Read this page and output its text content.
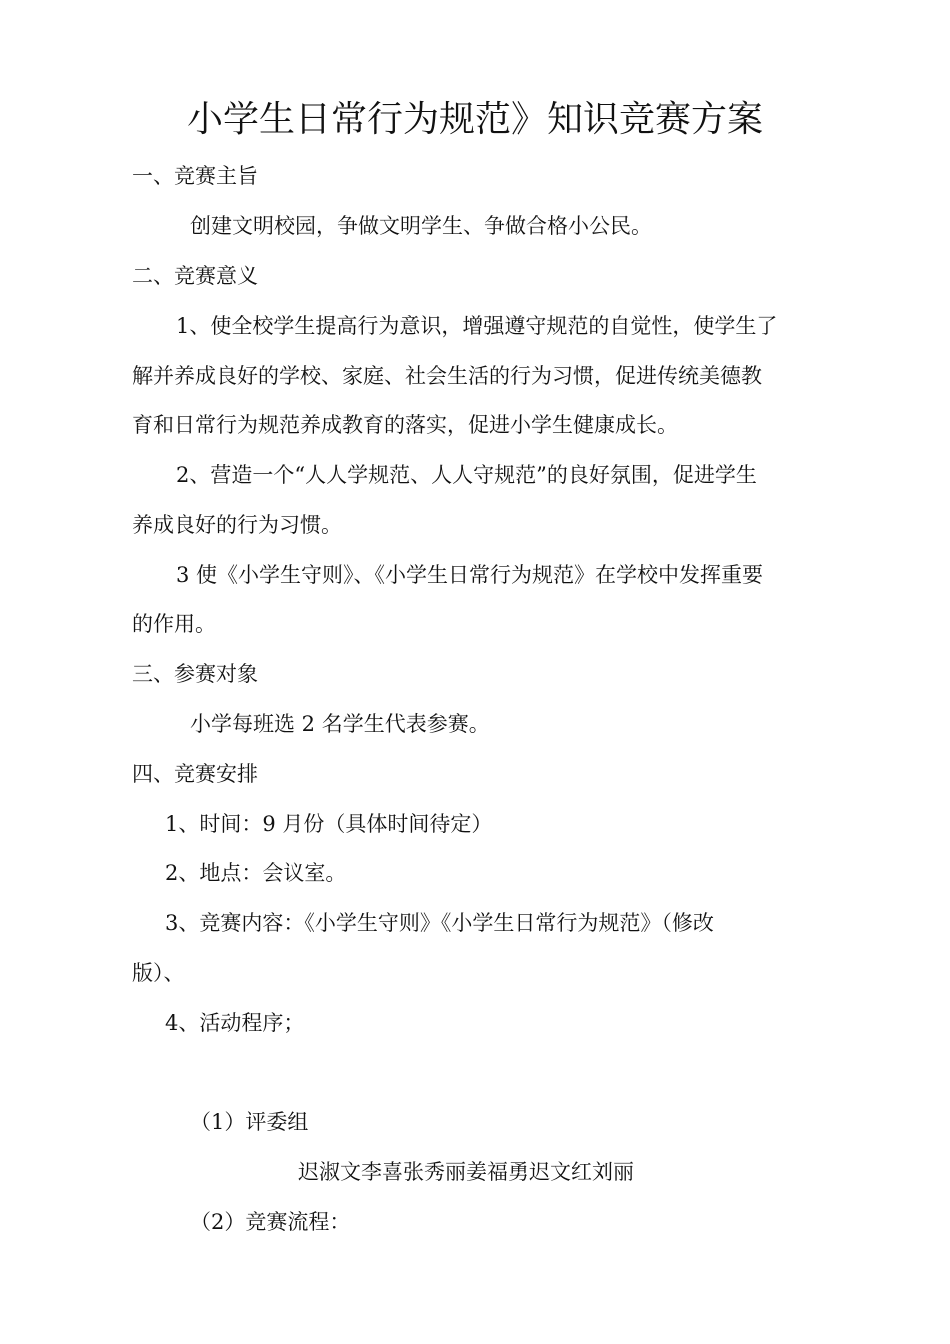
小学生日常行为规范》知识竞赛方案

一、竞赛主旨

创建文明校园，争做文明学生、争做合格小公民。

二、竞赛意义

1、使全校学生提高行为意识，增强遵守规范的自觉性，使学生了

解并养成良好的学校、家庭、社会生活的行为习惯，促进传统美德教

育和日常行为规范养成教育的落实，促进小学生健康成长。

2、营造一个“人人学规范、人人守规范”的良好氛围，促进学生

养成良好的行为习惯。

3 使《小学生守则》、《小学生日常行为规范》在学校中发挥重要

的作用。

三、参赛对象

小学每班选 2 名学生代表参赛。

四、竞赛安排

1、时间：9 月份（具体时间待定）

2、地点：会议室。

3、竞赛内容：《小学生守则》《小学生日常行为规范》（修改

版）、

4、活动程序；

（1）评委组

迟淑文李喜张秀丽姜福勇迟文红刘丽

（2）竞赛流程：
